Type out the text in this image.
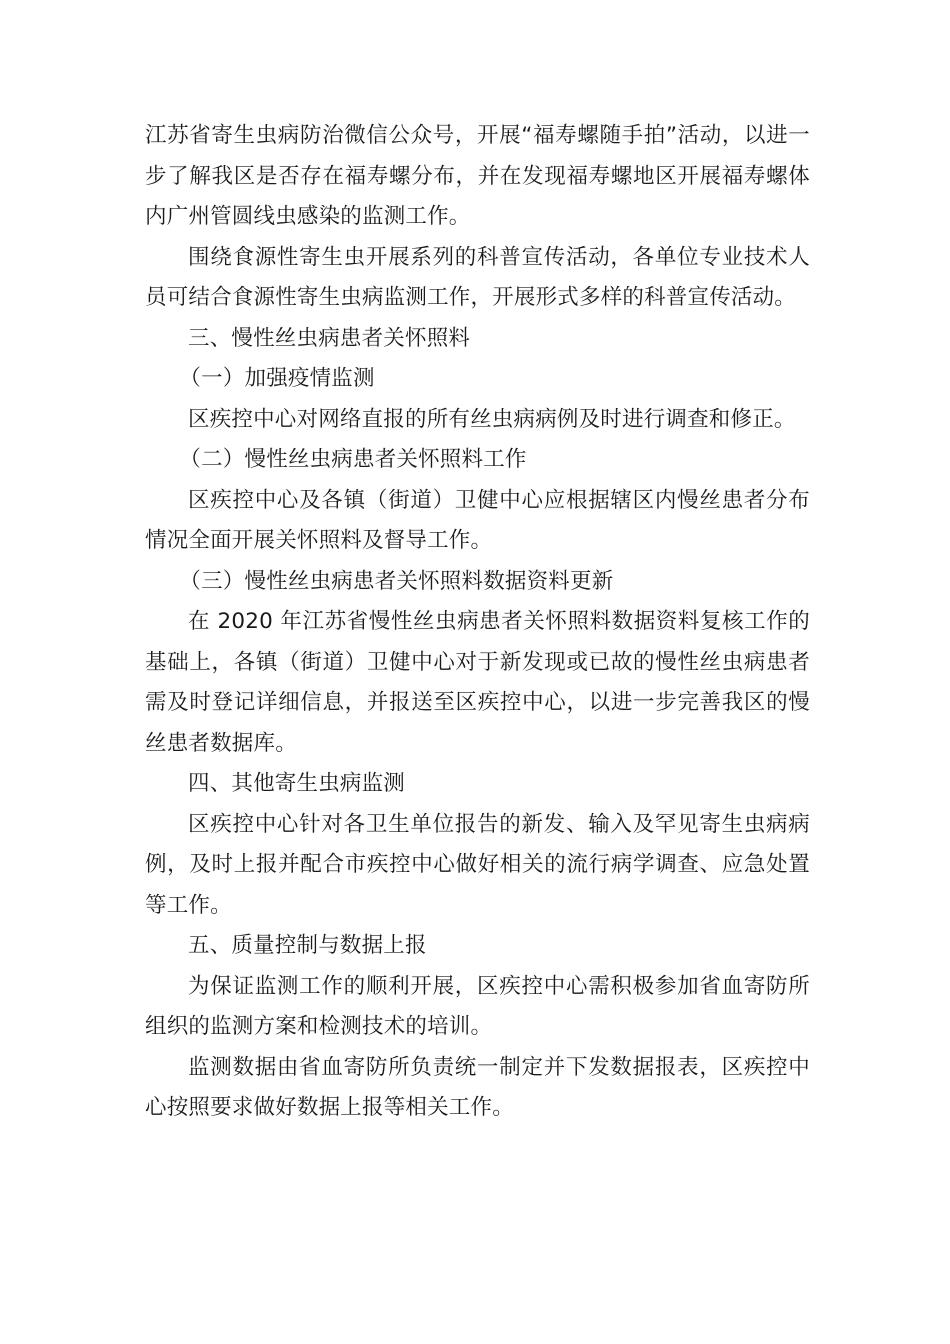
江苏省寄生虫病防治微信公众号，开展“福寿螺随手拍”活动，以进一步了解我区是否存在福寿螺分布，并在发现福寿螺地区开展福寿螺体内广州管圆线虫感染的监测工作。

围绕食源性寄生虫开展系列的科普宣传活动，各单位专业技术人员可结合食源性寄生虫病监测工作，开展形式多样的科普宣传活动。

三、慢性丝虫病患者关怀照料

（一）加强疫情监测

区疾控中心对网络直报的所有丝虫病病例及时进行调查和修正。

（二）慢性丝虫病患者关怀照料工作

区疾控中心及各镇（街道）卫健中心应根据辖区内慢丝患者分布情况全面开展关怀照料及督导工作。

（三）慢性丝虫病患者关怀照料数据资料更新

在 2020 年江苏省慢性丝虫病患者关怀照料数据资料复核工作的基础上，各镇（街道）卫健中心对于新发现或已故的慢性丝虫病患者需及时登记详细信息，并报送至区疾控中心，以进一步完善我区的慢丝患者数据库。

四、其他寄生虫病监测

区疾控中心针对各卫生单位报告的新发、输入及罕见寄生虫病病例，及时上报并配合市疾控中心做好相关的流行病学调查、应急处置等工作。

五、质量控制与数据上报

为保证监测工作的顺利开展，区疾控中心需积极参加省血寄防所组织的监测方案和检测技术的培训。

监测数据由省血寄防所负责统一制定并下发数据报表，区疾控中心按照要求做好数据上报等相关工作。
